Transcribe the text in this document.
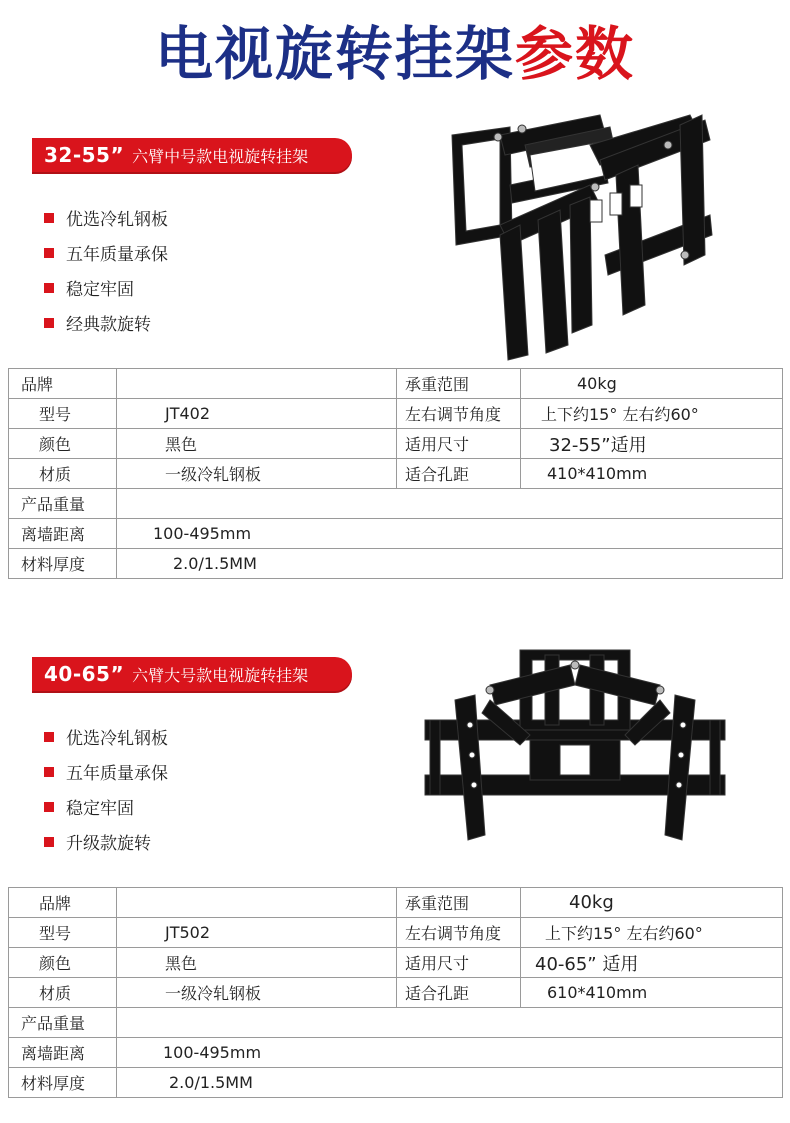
电视旋转挂架参数
32-55” 六臂中号款电视旋转挂架
优选冷轧钢板
五年质量承保
稳定牢固
经典款旋转
品牌		承重范围	40kg
型号	JT402	左右调节角度	上下约15° 左右约60°
颜色	黑色	适用尺寸	32-55”适用
材质	一级冷轧钢板	适合孔距	410*410mm
产品重量			
离墙距离	100-495mm		
材料厚度	2.0/1.5MM		
40-65” 六臂大号款电视旋转挂架
优选冷轧钢板
五年质量承保
稳定牢固
升级款旋转
品牌		承重范围	40kg
型号	JT502	左右调节角度	上下约15° 左右约60°
颜色	黑色	适用尺寸	40-65” 适用
材质	一级冷轧钢板	适合孔距	610*410mm
产品重量			
离墙距离	100-495mm		
材料厚度	2.0/1.5MM		
